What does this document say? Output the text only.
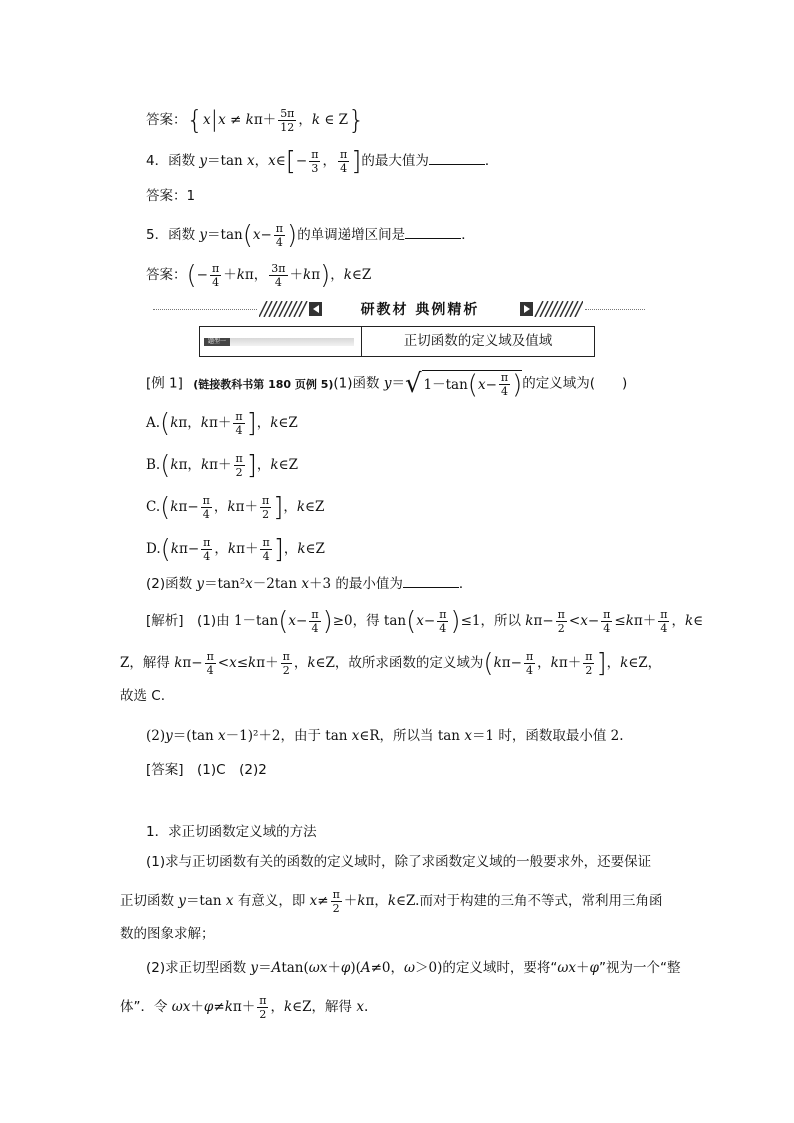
答案：{$x|x \ne k\pi+ \frac{5\pi}{12}$ ，k ∈ Z}
4．函数 y＝tan x，x∈[− $\frac{\pi}{3}$ ， $\frac{\pi}{4}$ ]的最大值为	．
答案：1
5．函数 $y=\tan(x- \frac{\pi}{4}$ )的单调递增区间是	．
答案：(− $\frac{\pi}{4} +k\pi$， $\frac{3\pi}{4} +k\pi$)，k∈Z
研教材 典例精析
题型一	正切函数的定义域及值域
[例 1] (链接教科书第 180 页例 5)(1)函数 y＝ √ 1－tan ( $x - \frac{\pi}{4}$ ) 的定义域为(　　)
A.(kπ，$k\pi+ \frac{\pi}{4}$ ]，k∈Z
B.(kπ，$k\pi+ \frac{\pi}{2}$ ]，k∈Z
$C.(k\pi- \frac{\pi}{4}$ ，$k\pi+ \frac{\pi}{2}$ ]，k∈Z
$D.(k\pi- \frac{\pi}{4}$ ，$k\pi+ \frac{\pi}{4}$ ]，k∈Z
(2)函数 y＝tan²x－2tan x＋3 的最小值为	．
[解析]　(1)由 $1-\tan(x- \frac{\pi}{4} )\ge 0$，得 $\tan(x- \frac{\pi}{4} )\le 1$，所以 $k\pi- \frac{\pi}{2} <x- \frac{\pi}{4} \le k\pi+ \frac{\pi}{4}$ ，k∈
Z，解得 $k\pi- \frac{\pi}{4} <x\le k\pi+ \frac{\pi}{2}$ ，k∈Z，故所求函数的定义域为($k\pi- \frac{\pi}{4}$ ，$k\pi+ \frac{\pi}{2}$ ]，k∈Z，
故选 C.
(2)y＝(tan x－1)²＋2，由于 tan x∈R，所以当 tan x＝1 时，函数取最小值 2.
[答案]　(1)C　(2)2
1．求正切函数定义域的方法
(1)求与正切函数有关的函数的定义域时，除了求函数定义域的一般要求外，还要保证
正切函数 y＝tan x 有意义，即 $x\ne \frac{\pi}{2} +k\pi$，k∈Z.而对于构建的三角不等式，常利用三角函
数的图象求解；
(2)求正切型函数 y＝Atan(ωx＋φ)(A≠0，ω＞0)的定义域时，要将“ωx＋φ”视为一个“整
体”．令 $\omega x+\varphi\ne k\pi+ \frac{\pi}{2}$ ，k∈Z，解得 x.
